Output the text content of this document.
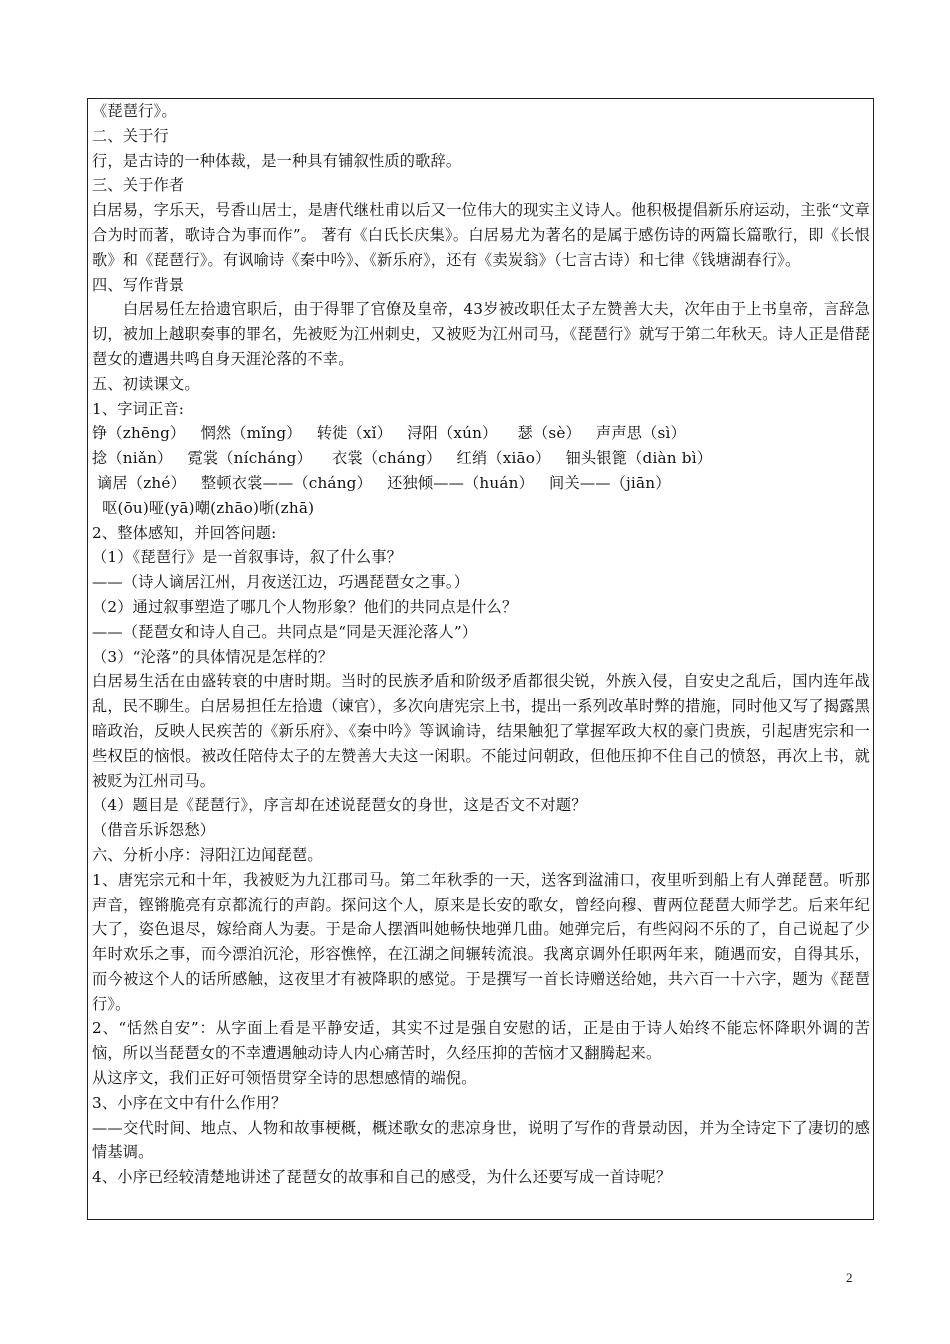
《琵琶行》。

二、关于行

行，是古诗的一种体裁，是一种具有铺叙性质的歌辞。

三、关于作者

白居易，字乐天，号香山居士，是唐代继杜甫以后又一位伟大的现实主义诗人。他积极提倡新乐府运动，主张“文章合为时而著，歌诗合为事而作”。 著有《白氏长庆集》。白居易尤为著名的是属于感伤诗的两篇长篇歌行，即《长恨歌》和《琵琶行》。有讽喻诗《秦中吟》、《新乐府》，还有《卖炭翁》（七言古诗）和七律《钱塘湖春行》。

四、写作背景

白居易任左拾遗官职后，由于得罪了官僚及皇帝，43岁被改职任太子左赞善大夫，次年由于上书皇帝，言辞急切，被加上越职奏事的罪名，先被贬为江州刺史，又被贬为江州司马，《琵琶行》就写于第二年秋天。诗人正是借琵琶女的遭遇共鸣自身天涯沦落的不幸。

五、初读课文。

1、字词正音:

铮（zhēng）   惘然（mǐng）   转徙（xǐ）   浔阳（xún）    瑟（sè）   声声思（sì）

捻（niǎn）   霓裳（nícháng）    衣裳（cháng）   红绡（xiāo）   钿头银篦（diàn bì）

谪居（zhé）   整顿衣裳——（cháng）   还独倾——（huán）   间关——（jiān）

呕(ōu)哑(yā)嘲(zhāo)哳(zhā)

2、整体感知，并回答问题:

（1）《琵琶行》是一首叙事诗，叙了什么事？

——（诗人谪居江州，月夜送江边，巧遇琵琶女之事。）

（2）通过叙事塑造了哪几个人物形象？他们的共同点是什么？

——（琵琶女和诗人自己。共同点是“同是天涯沦落人”）

（3）“沦落”的具体情况是怎样的？

白居易生活在由盛转衰的中唐时期。当时的民族矛盾和阶级矛盾都很尖锐，外族入侵，自安史之乱后，国内连年战乱，民不聊生。白居易担任左拾遗（谏官），多次向唐宪宗上书，提出一系列改革时弊的措施，同时他又写了揭露黑暗政治，反映人民疾苦的《新乐府》、《秦中吟》等讽谕诗，结果触犯了掌握军政大权的豪门贵族，引起唐宪宗和一些权臣的恼恨。被改任陪侍太子的左赞善大夫这一闲职。不能过问朝政，但他压抑不住自己的愤怒，再次上书，就被贬为江州司马。

（4）题目是《琵琶行》，序言却在述说琵琶女的身世，这是否文不对题？

（借音乐诉怨愁）

六、分析小序：浔阳江边闻琵琶。

1、唐宪宗元和十年，我被贬为九江郡司马。第二年秋季的一天，送客到湓浦口，夜里听到船上有人弹琵琶。听那声音，铿锵脆亮有京都流行的声韵。探问这个人，原来是长安的歌女，曾经向穆、曹两位琵琶大师学艺。后来年纪大了，姿色退尽，嫁给商人为妻。于是命人摆酒叫她畅快地弹几曲。她弹完后，有些闷闷不乐的了，自己说起了少年时欢乐之事，而今漂泊沉沦，形容憔悴，在江湖之间辗转流浪。我离京调外任职两年来，随遇而安，自得其乐，而今被这个人的话所感触，这夜里才有被降职的感觉。于是撰写一首长诗赠送给她，共六百一十六字，题为《琵琶行》。

2、“恬然自安”：从字面上看是平静安适，其实不过是强自安慰的话，正是由于诗人始终不能忘怀降职外调的苦恼，所以当琵琶女的不幸遭遇触动诗人内心痛苦时，久经压抑的苦恼才又翻腾起来。

从这序文，我们正好可领悟贯穿全诗的思想感情的端倪。

3、小序在文中有什么作用？

——交代时间、地点、人物和故事梗概，概述歌女的悲凉身世，说明了写作的背景动因，并为全诗定下了凄切的感情基调。

4、小序已经较清楚地讲述了琵琶女的故事和自己的感受，为什么还要写成一首诗呢？

2
